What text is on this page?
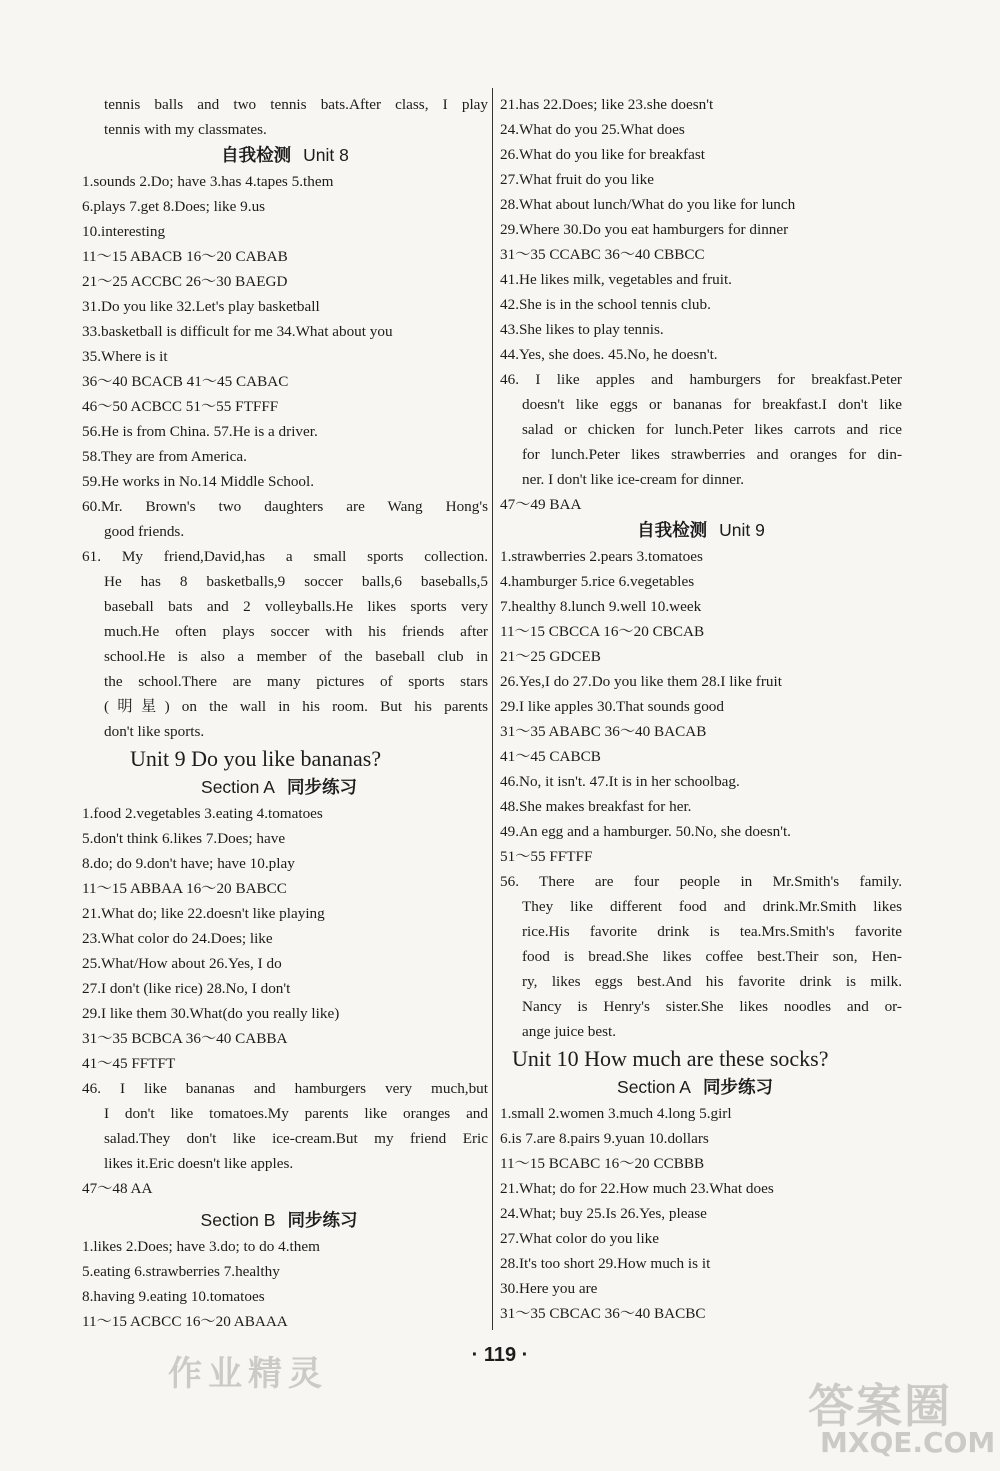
tennis balls and two tennis bats.After class, I play
tennis with my classmates.
自我检测 Unit 8
1.sounds 2.Do; have 3.has 4.tapes 5.them
6.plays 7.get 8.Does; like 9.us
10.interesting
11～15 ABACB 16～20 CABAB
21～25 ACCBC 26～30 BAEGD
31.Do you like 32.Let's play basketball
33.basketball is difficult for me 34.What about you
35.Where is it
36～40 BCACB 41～45 CABAC
46～50 ACBCC 51～55 FTFFF
56.He is from China. 57.He is a driver.
58.They are from America.
59.He works in No.14 Middle School.
60.Mr. Brown's two daughters are Wang Hong's
good friends.
61. My friend,David,has a small sports collection.
He has 8 basketballs,9 soccer balls,6 baseballs,5
baseball bats and 2 volleyballs.He likes sports very
much.He often plays soccer with his friends after
school.He is also a member of the baseball club in
the school.There are many pictures of sports stars
(明星) on the wall in his room. But his parents
don't like sports.
Unit 9 Do you like bananas?
Section A 同步练习
1.food 2.vegetables 3.eating 4.tomatoes
5.don't think 6.likes 7.Does; have
8.do; do 9.don't have; have 10.play
11～15 ABBAA 16～20 BABCC
21.What do; like 22.doesn't like playing
23.What color do 24.Does; like
25.What/How about 26.Yes, I do
27.I don't (like rice) 28.No, I don't
29.I like them 30.What(do you really like)
31～35 BCBCA 36～40 CABBA
41～45 FFTFT
46. I like bananas and hamburgers very much,but
I don't like tomatoes.My parents like oranges and
salad.They don't like ice-cream.But my friend Eric
likes it.Eric doesn't like apples.
47～48 AA
Section B 同步练习
1.likes 2.Does; have 3.do; to do 4.them
5.eating 6.strawberries 7.healthy
8.having 9.eating 10.tomatoes
11～15 ACBCC 16～20 ABAAA
21.has 22.Does; like 23.she doesn't
24.What do you 25.What does
26.What do you like for breakfast
27.What fruit do you like
28.What about lunch/What do you like for lunch
29.Where 30.Do you eat hamburgers for dinner
31～35 CCABC 36～40 CBBCC
41.He likes milk, vegetables and fruit.
42.She is in the school tennis club.
43.She likes to play tennis.
44.Yes, she does. 45.No, he doesn't.
46. I like apples and hamburgers for breakfast.Peter
doesn't like eggs or bananas for breakfast.I don't like
salad or chicken for lunch.Peter likes carrots and rice
for lunch.Peter likes strawberries and oranges for din-
ner. I don't like ice-cream for dinner.
47～49 BAA
自我检测 Unit 9
1.strawberries 2.pears 3.tomatoes
4.hamburger 5.rice 6.vegetables
7.healthy 8.lunch 9.well 10.week
11～15 CBCCA 16～20 CBCAB
21～25 GDCEB
26.Yes,I do 27.Do you like them 28.I like fruit
29.I like apples 30.That sounds good
31～35 ABABC 36～40 BACAB
41～45 CABCB
46.No, it isn't. 47.It is in her schoolbag.
48.She makes breakfast for her.
49.An egg and a hamburger. 50.No, she doesn't.
51～55 FFTFF
56. There are four people in Mr.Smith's family.
They like different food and drink.Mr.Smith likes
rice.His favorite drink is tea.Mrs.Smith's favorite
food is bread.She likes coffee best.Their son, Hen-
ry, likes eggs best.And his favorite drink is milk.
Nancy is Henry's sister.She likes noodles and or-
ange juice best.
Unit 10 How much are these socks?
Section A 同步练习
1.small 2.women 3.much 4.long 5.girl
6.is 7.are 8.pairs 9.yuan 10.dollars
11～15 BCABC 16～20 CCBBB
21.What; do for 22.How much 23.What does
24.What; buy 25.Is 26.Yes, please
27.What color do you like
28.It's too short 29.How much is it
30.Here you are
31～35 CBCAC 36～40 BACBC
· 119 ·
作业精灵
答案圈
MXQE.COM
